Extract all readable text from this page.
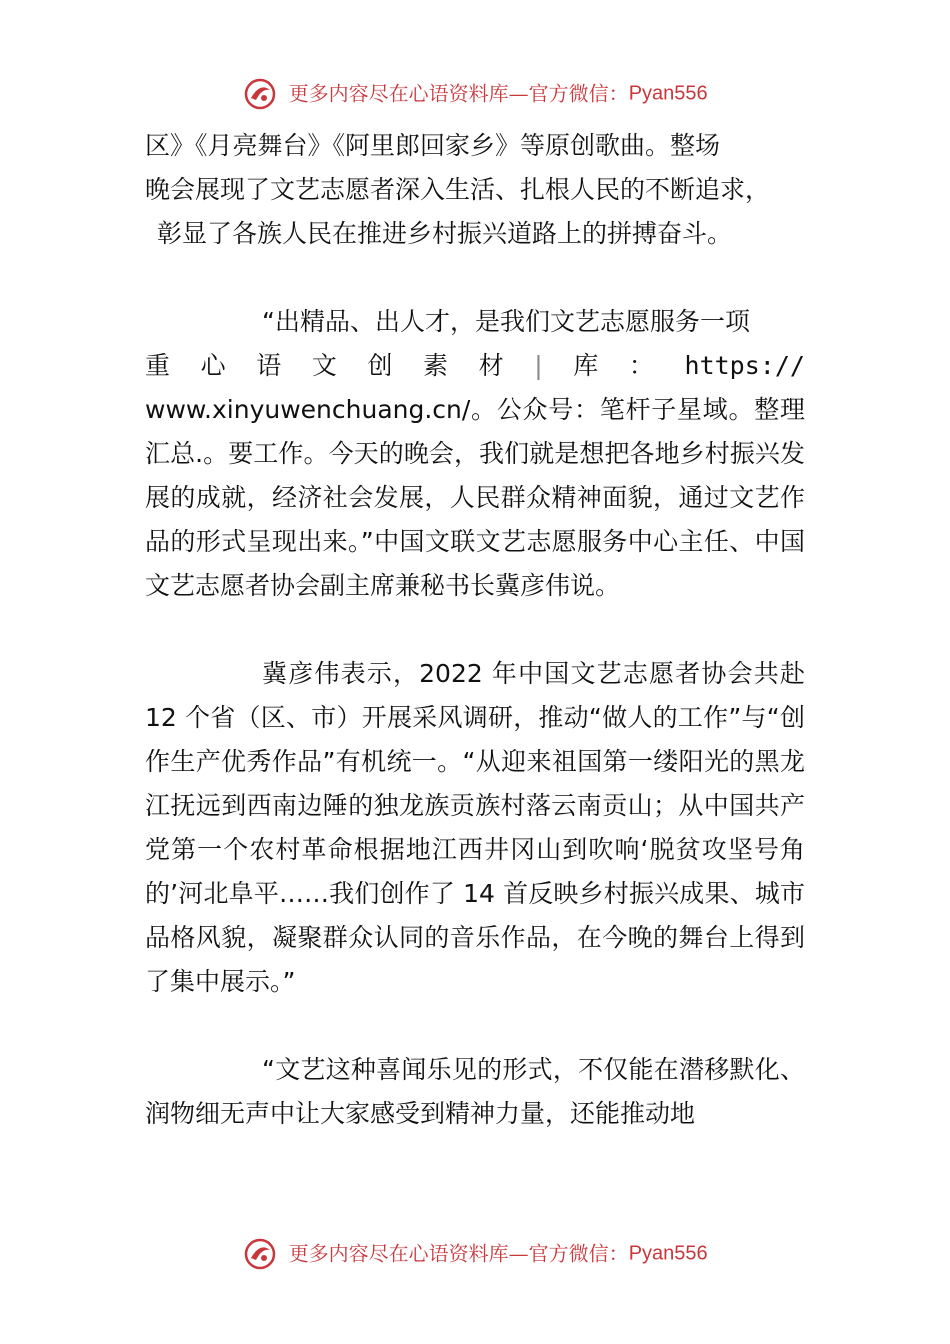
更多内容尽在心语资料库—官方微信：Pyan556

区》《月亮舞台》《阿里郎回家乡》等原创歌曲。整场
晚会展现了文艺志愿者深入生活、扎根人民的不断追求，
彰显了各族人民在推进乡村振兴道路上的拼搏奋斗。

“出精品、出人才，是我们文艺志愿服务一项
重 心 语 文 创 素 材 | 库 ： https://
www.xinyuwenchuang.cn/。公众号：笔杆子星域。整理汇总.。要工作。今天的晚会，我们就是想把各地乡村振兴发展的成就，经济社会发展，人民群众精神面貌，通过文艺作品的形式呈现出来。”中国文联文艺志愿服务中心主任、中国文艺志愿者协会副主席兼秘书长冀彦伟说。

冀彦伟表示，2022 年中国文艺志愿者协会共赴 12 个省（区、市）开展采风调研，推动“做人的工作”与“创作生产优秀作品”有机统一。“从迎来祖国第一缕阳光的黑龙江抚远到西南边陲的独龙族贡族村落云南贡山；从中国共产党第一个农村革命根据地江西井冈山到吹响‘脱贫攻坚号角的’河北阜平……我们创作了 14 首反映乡村振兴成果、城市品格风貌，凝聚群众认同的音乐作品，在今晚的舞台上得到了集中展示。”

“文艺这种喜闻乐见的形式，不仅能在潜移默化、润物细无声中让大家感受到精神力量，还能推动地

更多内容尽在心语资料库—官方微信：Pyan556
